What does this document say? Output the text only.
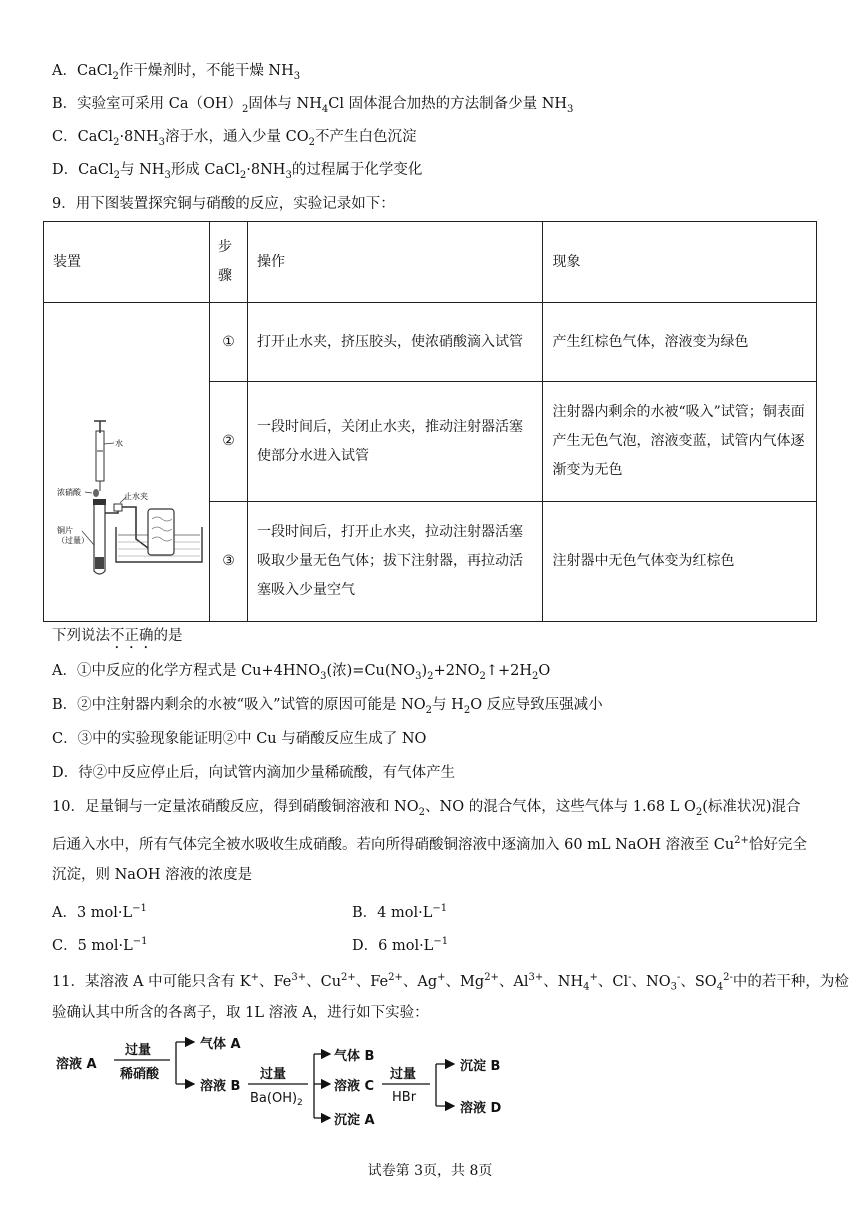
A．CaCl$_2$作干燥剂时，不能干燥 $NH_3$
B．实验室可采用 $Ca(OH)_2$固体与 $NH_4Cl$ 固体混合加热的方法制备少量 $NH_3$
C．$CaCl_2\cdot 8NH_3$溶于水，通入少量 $CO_2$不产生白色沉淀
D．CaCl$_2$与 $NH_3$形成 $CaCl_2\cdot 8NH_3$的过程属于化学变化
9．用下图装置探究铜与硝酸的反应，实验记录如下：
装置	步骤	操作	现象

水
浓硝酸
铜片
（过量）
止水夹	①	打开止水夹，挤压胶头，使浓硝酸滴入试管	产生红棕色气体，溶液变为绿色
	②	一段时间后，关闭止水夹，推动注射器活塞使部分水进入试管	注射器内剩余的水被“吸入”试管；铜表面产生无色气泡，溶液变蓝，试管内气体逐渐变为无色
	③	一段时间后，打开止水夹，拉动注射器活塞吸取少量无色气体；拔下注射器，再拉动活塞吸入少量空气	注射器中无色气体变为红棕色
下列说法不正确的是
A．①中反应的化学方程式是 $Cu+4HNO_3$(浓)$=Cu(NO_3)_2+2NO_2↑+2H_2O$
B．②中注射器内剩余的水被“吸入”试管的原因可能是 $NO_2$与 $H_2O$ 反应导致压强减小
C．③中的实验现象能证明②中 Cu 与硝酸反应生成了 NO
D．待②中反应停止后，向试管内滴加少量稀硫酸，有气体产生
10．足量铜与一定量浓硝酸反应，得到硝酸铜溶液和 $NO_2$、NO 的混合气体，这些气体与 1.68 L $O_2$(标准状况)混合
后通入水中，所有气体完全被水吸收生成硝酸。若向所得硝酸铜溶液中逐滴加入 60 mL NaOH 溶液至 $Cu^{2+}$恰好完全
沉淀，则 NaOH 溶液的浓度是
A．3 $mol\cdot L^{-1}$	B．4 $mol\cdot L^{-1}$
C．5 $mol\cdot L^{-1}$	D．6 $mol\cdot L^{-1}$
11．某溶液 A 中可能只含有 K+、$Fe^{3+}$、$Cu^{2+}$、$Fe^{2+}$、Ag+、$Mg^{2+}$、$Al^{3+}$、$NH_4^+$、Cl-、$NO_3^-$、$SO_4^{2-}$中的若干种，为检
验确认其中所含的各离子，取 1L 溶液 A，进行如下实验：
溶液 A
过量
稀硝酸
气体 A
溶液 B
过量
$Ba(OH)_2$
气体 B
溶液 C
沉淀 A
过量
HBr
沉淀 B
溶液 D
试卷第 3页，共 8页
